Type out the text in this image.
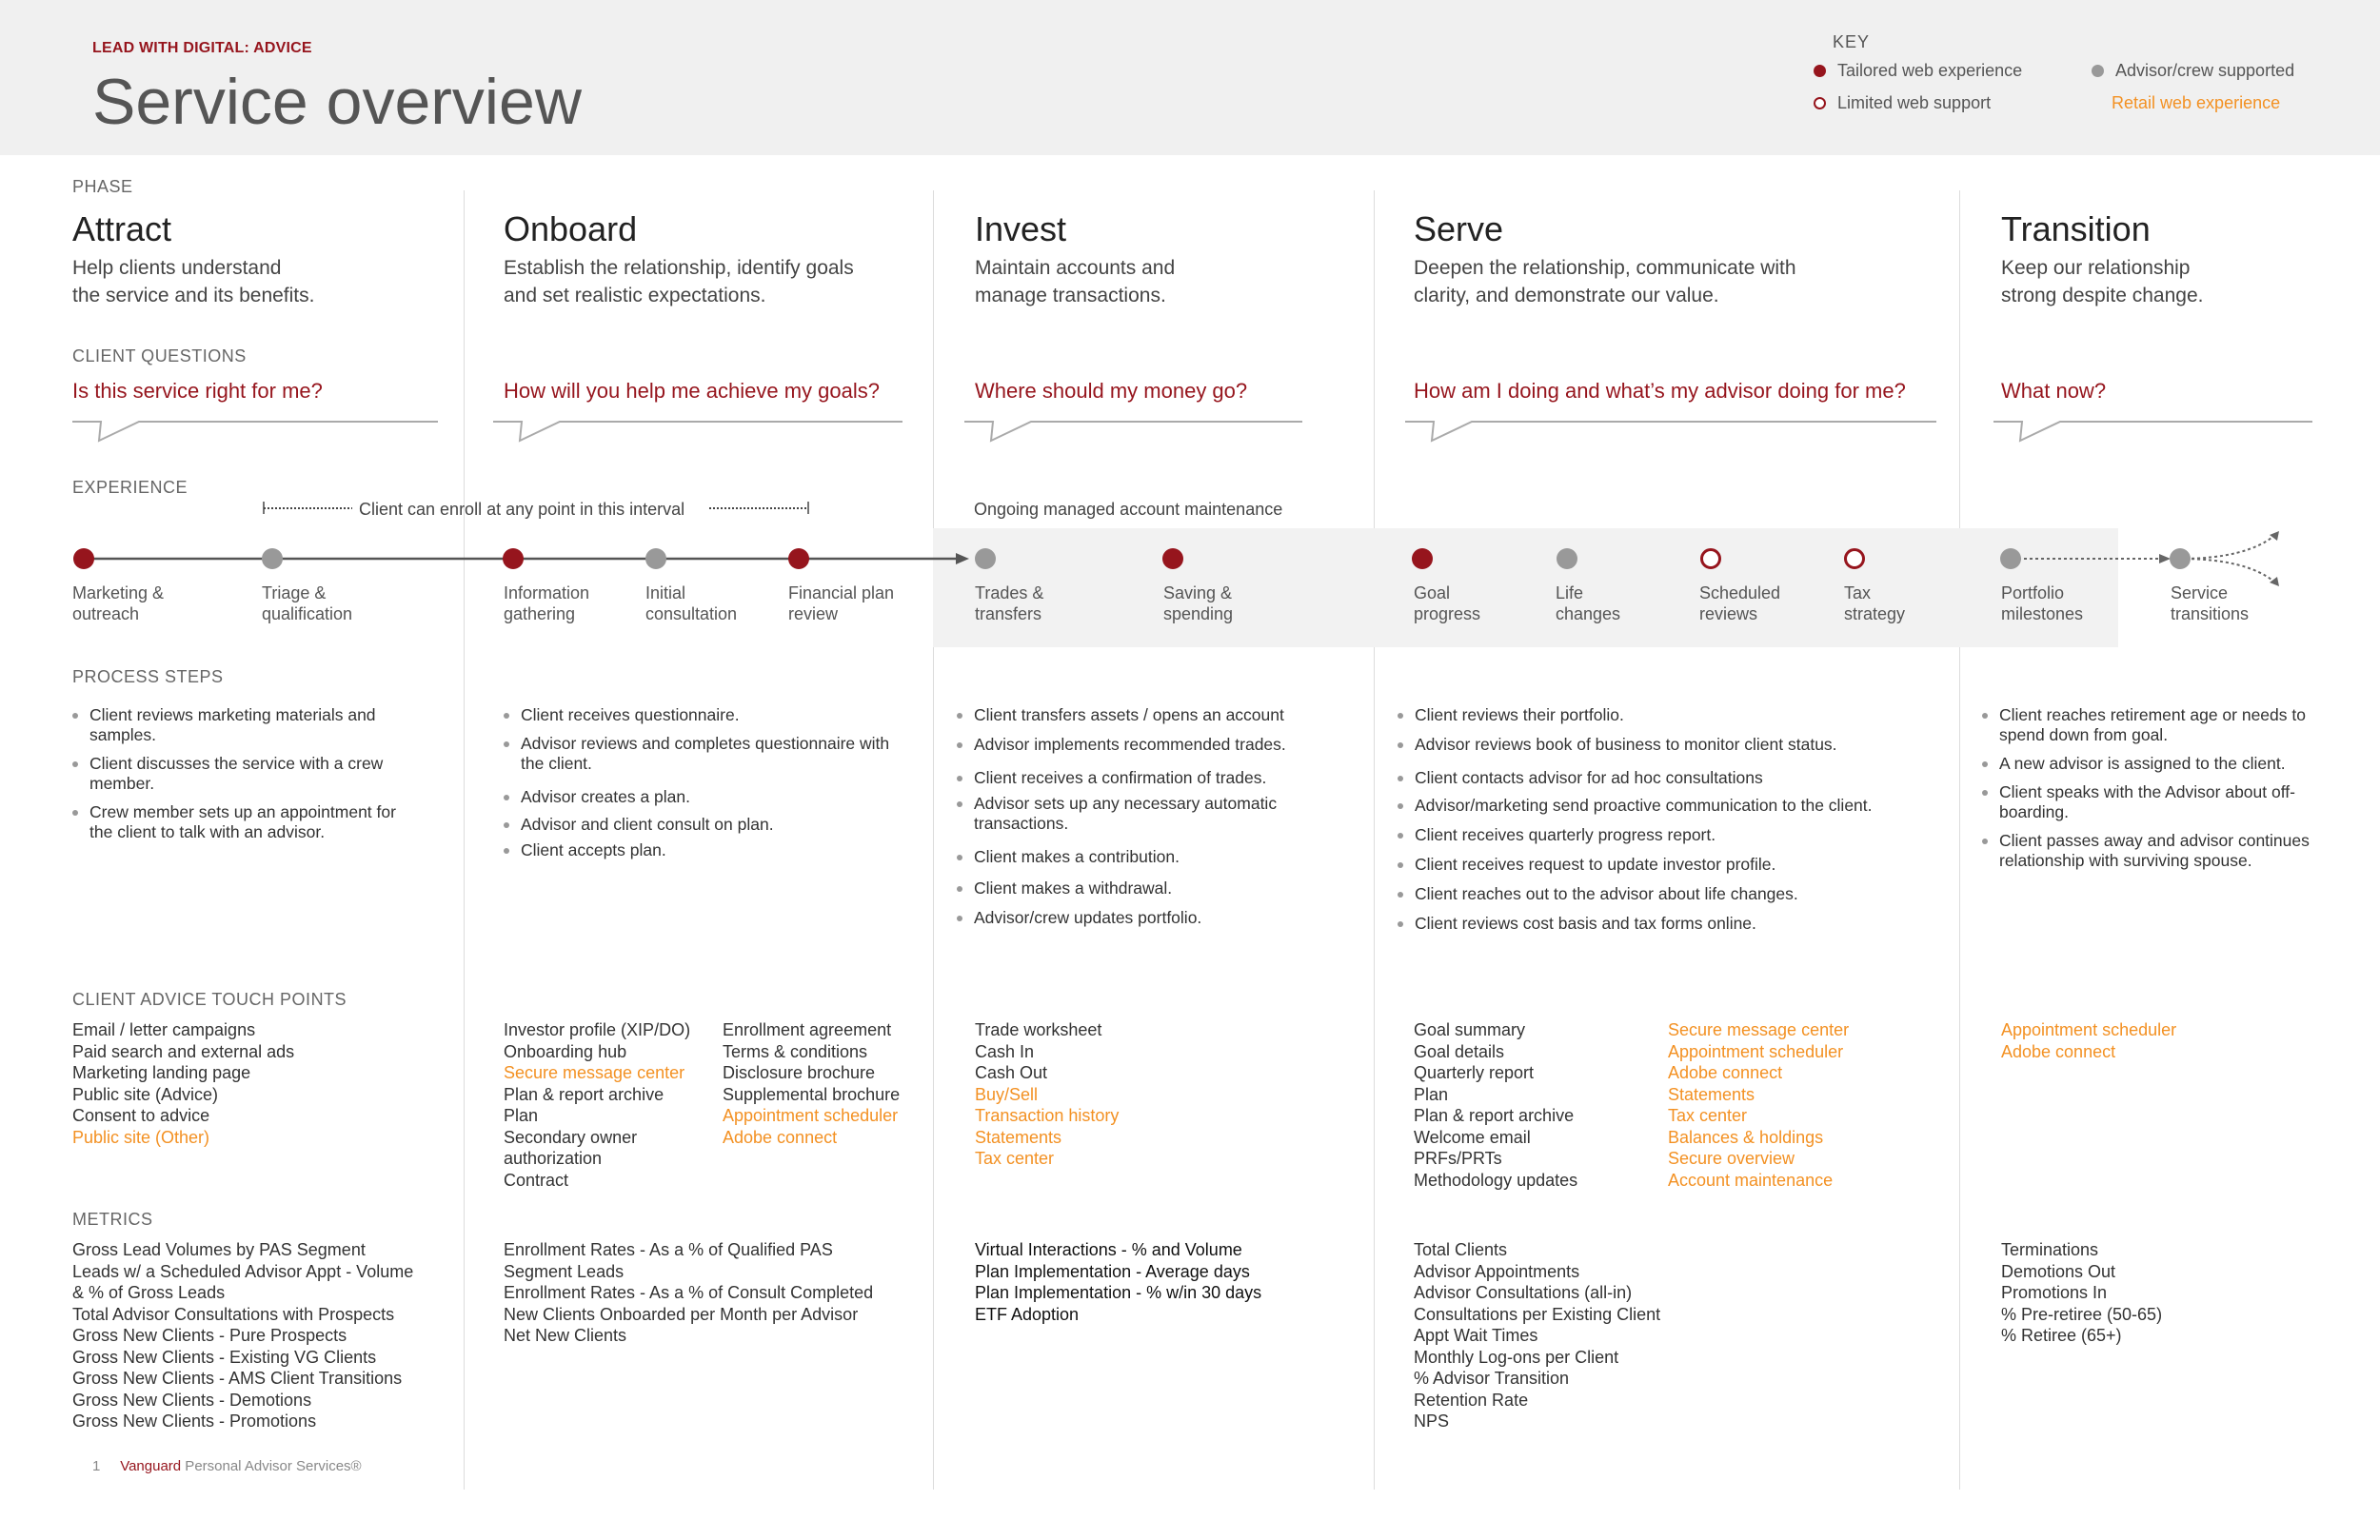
LEAD WITH DIGITAL: ADVICE
Service overview
KEY
Tailored web experience
Limited web support
Advisor/crew supported
Retail web experience
PHASE
CLIENT QUESTIONS
EXPERIENCE
PROCESS STEPS
CLIENT ADVICE TOUCH POINTS
METRICS
Attract
Help clients understand
the service and its benefits.
Is this service right for me?
Onboard
Establish the relationship, identify goals
and set realistic expectations.
How will you help me achieve my goals?
Invest
Maintain accounts and
manage transactions.
Where should my money go?
Serve
Deepen the relationship, communicate with
clarity, and demonstrate our value.
How am I doing and what’s my advisor doing for me?
Transition
Keep our relationship
strong despite change.
What now?
Client can enroll at any point in this interval	Ongoing managed account maintenance
Marketing &
outreach
Triage &
qualification
Information
gathering
Initial
consultation
Financial plan
review
Trades &
transfers
Saving &
spending
Goal
progress
Life
changes
Scheduled
reviews
Tax
strategy
Portfolio
milestones
Service
transitions
Client reviews marketing materials and samples.
Client discusses the service with a crew member.
Crew member sets up an appointment for the client to talk with an advisor.
Email / letter campaigns
Paid search and external ads
Marketing landing page
Public site (Advice)
Consent to advice
Public site (Other)
Gross Lead Volumes by PAS Segment
Leads w/ a Scheduled Advisor Appt - Volume
& % of Gross Leads
Total Advisor Consultations with Prospects
Gross New Clients - Pure Prospects
Gross New Clients - Existing VG Clients
Gross New Clients - AMS Client Transitions
Gross New Clients - Demotions
Gross New Clients - Promotions
Client receives questionnaire.
Advisor reviews and completes questionnaire with the client.
Advisor creates a plan.
Advisor and client consult on plan.
Client accepts plan.
Investor profile (XIP/DO)
Onboarding hub
Secure message center
Plan & report archive
Plan
Secondary owner
authorization
Contract
Enrollment agreement
Terms & conditions
Disclosure brochure
Supplemental brochure
Appointment scheduler
Adobe connect
Enrollment Rates - As a % of Qualified PAS
Segment Leads
Enrollment Rates - As a % of Consult Completed
New Clients Onboarded per Month per Advisor
Net New Clients
Client transfers assets / opens an account
Advisor implements recommended trades.
Client receives a confirmation of trades.
Advisor sets up any necessary automatic transactions.
Client makes a contribution.
Client makes a withdrawal.
Advisor/crew updates portfolio.
Trade worksheet
Cash In
Cash Out
Buy/Sell
Transaction history
Statements
Tax center
Virtual Interactions - % and Volume
Plan Implementation - Average days
Plan Implementation - % w/in 30 days
ETF Adoption
Client reviews their portfolio.
Advisor reviews book of business to monitor client status.
Client contacts advisor for ad hoc consultations
Advisor/marketing send proactive communication to the client.
Client receives quarterly progress report.
Client receives request to update investor profile.
Client reaches out to the advisor about life changes.
Client reviews cost basis and tax forms online.
Goal summary
Goal details
Quarterly report
Plan
Plan & report archive
Welcome email
PRFs/PRTs
Methodology updates
Secure message center
Appointment scheduler
Adobe connect
Statements
Tax center
Balances & holdings
Secure overview
Account maintenance
Total Clients
Advisor Appointments
Advisor Consultations (all-in)
Consultations per Existing Client
Appt Wait Times
Monthly Log-ons per Client
% Advisor Transition
Retention Rate
NPS
Client reaches retirement age or needs to spend down from goal.
A new advisor is assigned to the client.
Client speaks with the Advisor about off-boarding.
Client passes away and advisor continues relationship with surviving spouse.
Appointment scheduler
Adobe connect
Terminations
Demotions Out
Promotions In
% Pre-retiree (50-65)
% Retiree (65+)
1 Vanguard Personal Advisor Services®
